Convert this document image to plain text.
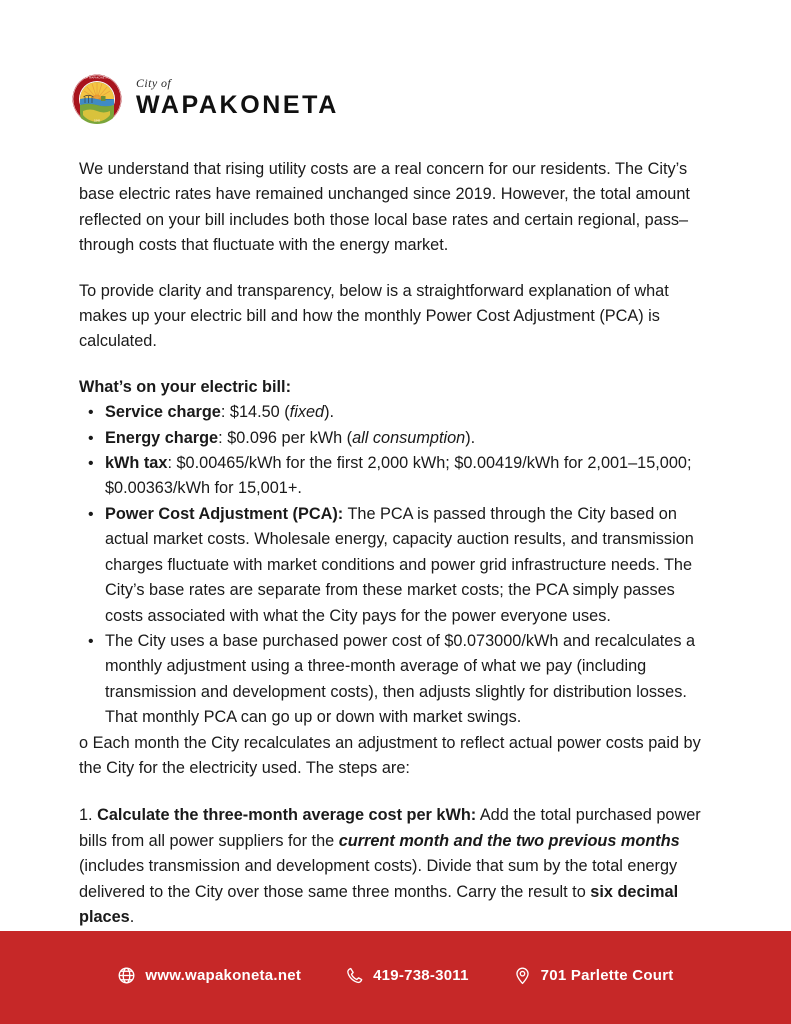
CITY OF WAPAKONETA, OHIO
1849
City of
WAPAKONETA

We understand that rising utility costs are a real concern for our residents. The City’s base electric rates have remained unchanged since 2019. However, the total amount reflected on your bill includes both those local base rates and certain regional, pass–through costs that fluctuate with the energy market.

To provide clarity and transparency, below is a straightforward explanation of what makes up your electric bill and how the monthly Power Cost Adjustment (PCA) is calculated.

What’s on your electric bill:
• Service charge: $14.50 (fixed).
• Energy charge: $0.096 per kWh (all consumption).
• kWh tax: $0.00465/kWh for the first 2,000 kWh; $0.00419/kWh for 2,001–15,000; $0.00363/kWh for 15,001+.
• Power Cost Adjustment (PCA): The PCA is passed through the City based on actual market costs. Wholesale energy, capacity auction results, and transmission charges fluctuate with market conditions and power grid infrastructure needs. The City’s base rates are separate from these market costs; the PCA simply passes costs associated with what the City pays for the power everyone uses.
• The City uses a base purchased power cost of $0.073000/kWh and recalculates a monthly adjustment using a three-month average of what we pay (including transmission and development costs), then adjusts slightly for distribution losses. That monthly PCA can go up or down with market swings.

o Each month the City recalculates an adjustment to reflect actual power costs paid by the City for the electricity used. The steps are:

1. Calculate the three-month average cost per kWh: Add the total purchased power bills from all power suppliers for the current month and the two previous months (includes transmission and development costs). Divide that sum by the total energy delivered to the City over those same three months. Carry the result to six decimal places.

www.wapakoneta.net	419-738-3011	701 Parlette Court
